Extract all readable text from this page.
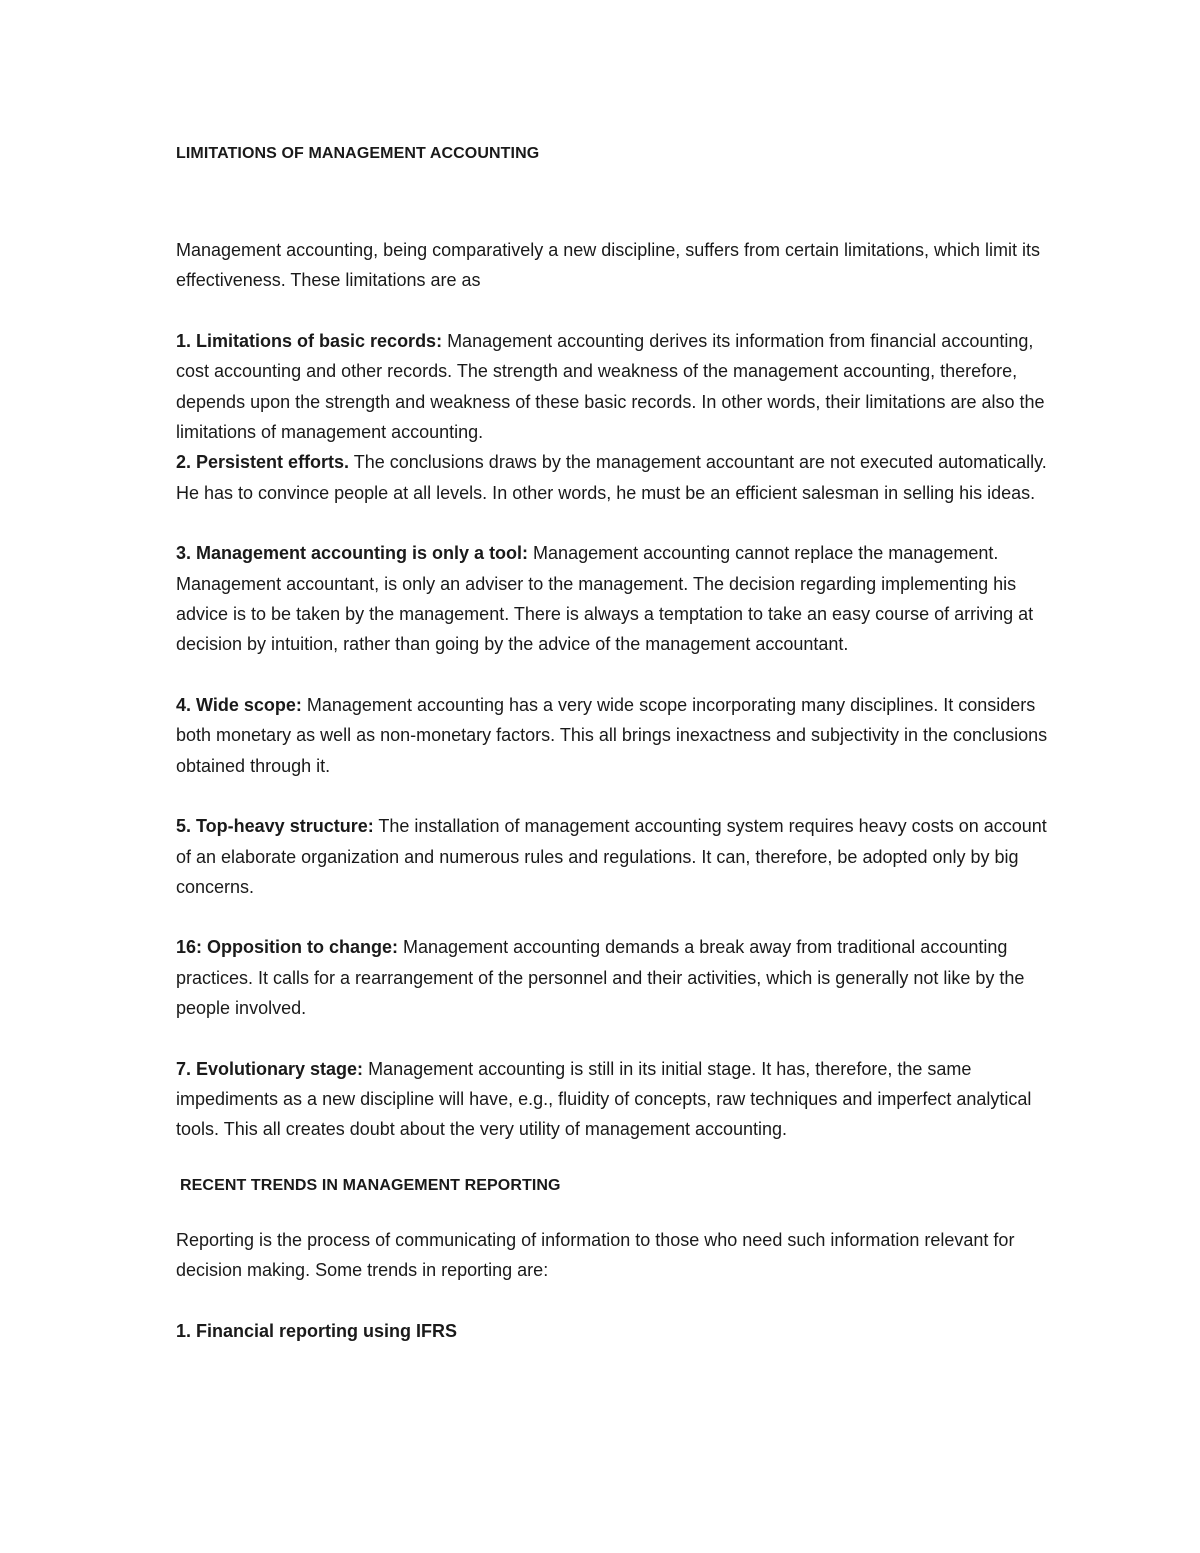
LIMITATIONS OF MANAGEMENT ACCOUNTING

Management accounting, being comparatively a new discipline, suffers from certain limitations, which limit its effectiveness. These limitations are as

1. Limitations of basic records: Management accounting derives its information from financial accounting, cost accounting and other records. The strength and weakness of the management accounting, therefore, depends upon the strength and weakness of these basic records. In other words, their limitations are also the limitations of management accounting.

2. Persistent efforts. The conclusions draws by the management accountant are not executed automatically. He has to convince people at all levels. In other words, he must be an efficient salesman in selling his ideas.

3. Management accounting is only a tool: Management accounting cannot replace the management. Management accountant, is only an adviser to the management. The decision regarding implementing his advice is to be taken by the management. There is always a temptation to take an easy course of arriving at decision by intuition, rather than going by the advice of the management accountant.

4. Wide scope: Management accounting has a very wide scope incorporating many disciplines. It considers both monetary as well as non-monetary factors. This all brings inexactness and subjectivity in the conclusions obtained through it.

5. Top-heavy structure: The installation of management accounting system requires heavy costs on account of an elaborate organization and numerous rules and regulations. It can, therefore, be adopted only by big concerns.

16: Opposition to change: Management accounting demands a break away from traditional accounting practices. It calls for a rearrangement of the personnel and their activities, which is generally not like by the people involved.

7. Evolutionary stage: Management accounting is still in its initial stage. It has, therefore, the same impediments as a new discipline will have, e.g., fluidity of concepts, raw techniques and imperfect analytical tools. This all creates doubt about the very utility of management accounting.

RECENT TRENDS IN MANAGEMENT REPORTING

Reporting is the process of communicating of information to those who need such information relevant for decision making. Some trends in reporting are:

1. Financial reporting using IFRS
